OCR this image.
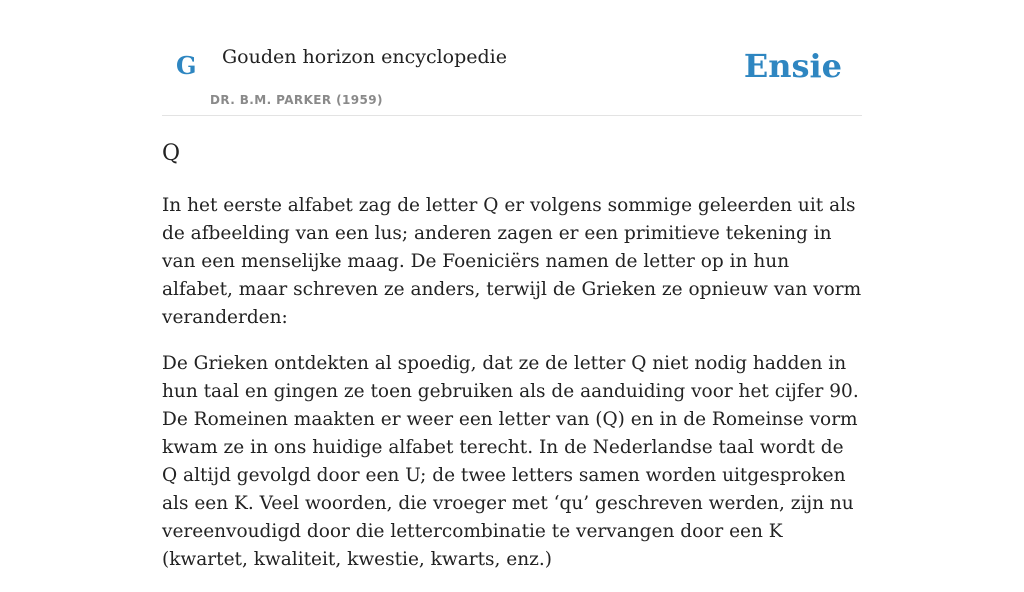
G Gouden horizon encyclopedie
DR. B.M. PARKER (1959)
Ensie
Q

In het eerste alfabet zag de letter Q er volgens sommige geleerden uit als de afbeelding van een lus; anderen zagen er een primitieve tekening in van een menselijke maag. De Foeniciërs namen de letter op in hun alfabet, maar schreven ze anders, terwijl de Grieken ze opnieuw van vorm veranderden:

De Grieken ontdekten al spoedig, dat ze de letter Q niet nodig hadden in hun taal en gingen ze toen gebruiken als de aanduiding voor het cijfer 90. De Romeinen maakten er weer een letter van (Q) en in de Romeinse vorm kwam ze in ons huidige alfabet terecht. In de Nederlandse taal wordt de Q altijd gevolgd door een U; de twee letters samen worden uitgesproken als een K. Veel woorden, die vroeger met ‘qu’ geschreven werden, zijn nu vereenvoudigd door die lettercombinatie te vervangen door een K (kwartet, kwaliteit, kwestie, kwarts, enz.)
